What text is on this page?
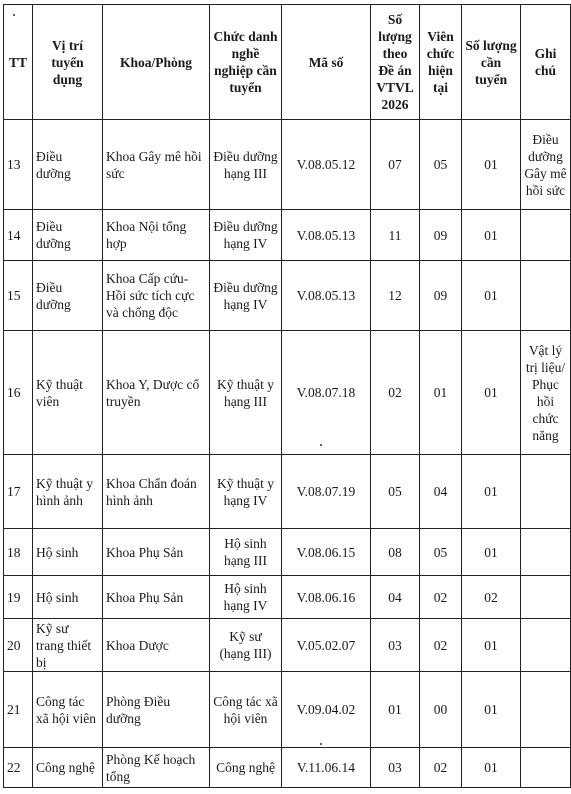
TT	Vị trí tuyển dụng	Khoa/Phòng	Chức danh nghề nghiệp cần tuyển	Mã số	Số lượng theo Đề án VTVL 2026	Viên chức hiện tại	Số lượng cần tuyển	Ghi chú
13	Điều dưỡng	Khoa Gây mê hồi sức	Điều dưỡng hạng III	V.08.05.12	07	05	01	Điều dưỡng Gây mê hồi sức
14	Điều dưỡng	Khoa Nội tổng hợp	Điều dưỡng hạng IV	V.08.05.13	11	09	01	
15	Điều dưỡng	Khoa Cấp cứu- Hồi sức tích cực và chống độc	Điều dưỡng hạng IV	V.08.05.13	12	09	01	
16	Kỹ thuật viên	Khoa Y, Dược cổ truyền	Kỹ thuật y hạng III	V.08.07.18	02	01	01	Vật lý trị liệu/ Phục hồi chức năng
17	Kỹ thuật y hình ảnh	Khoa Chẩn đoán hình ảnh	Kỹ thuật y hạng IV	V.08.07.19	05	04	01	
18	Hộ sinh	Khoa Phụ Sản	Hộ sinh hạng III	V.08.06.15	08	05	01	
19	Hộ sinh	Khoa Phụ Sản	Hộ sinh hạng IV	V.08.06.16	04	02	02	
20	Kỹ sư trang thiết bị	Khoa Dược	Kỹ sư (hạng III)	V.05.02.07	03	02	01	
21	Công tác xã hội viên	Phòng Điều dưỡng	Công tác xã hội viên	V.09.04.02	01	00	01	
22	Công nghệ	Phòng Kế hoạch tổng	Công nghệ	V.11.06.14	03	02	01	
